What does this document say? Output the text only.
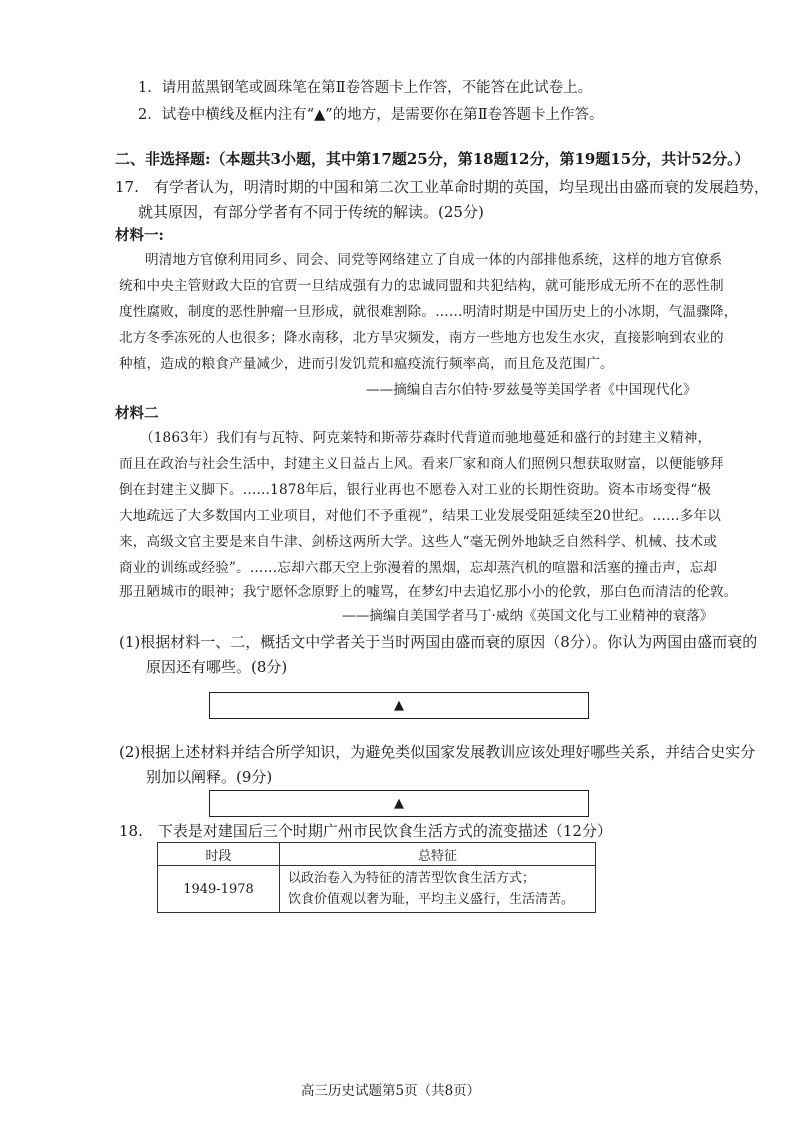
1．请用蓝黑钢笔或圆珠笔在第Ⅱ卷答题卡上作答，不能答在此试卷上。
2．试卷中横线及框内注有“▲”的地方，是需要你在第Ⅱ卷答题卡上作答。
二、非选择题:（本题共3小题，其中第17题25分，第18题12分，第19题15分，共计52分。）
17.　有学者认为，明清时期的中国和第二次工业革命时期的英国，均呈现出由盛而衰的发展趋势，
就其原因，有部分学者有不同于传统的解读。(25分)
材料一:
明清地方官僚利用同乡、同会、同党等网络建立了自成一体的内部排他系统，这样的地方官僚系
统和中央主管财政大臣的官贾一旦结成强有力的忠诚同盟和共犯结构，就可能形成无所不在的恶性制
度性腐败，制度的恶性肿瘤一旦形成，就很难割除。……明清时期是中国历史上的小冰期，气温骤降，
北方冬季冻死的人也很多；降水南移，北方旱灾频发，南方一些地方也发生水灾，直接影响到农业的
种植，造成的粮食产量减少，进而引发饥荒和瘟疫流行频率高，而且危及范围广。
——摘编自吉尔伯特·罗兹曼等美国学者《中国现代化》
材料二
（1863年）我们有与瓦特、阿克莱特和斯蒂芬森时代背道而驰地蔓延和盛行的封建主义精神，
而且在政治与社会生活中，封建主义日益占上风。看来厂家和商人们照例只想获取财富，以便能够拜
倒在封建主义脚下。……1878年后，银行业再也不愿卷入对工业的长期性资助。资本市场变得“极
大地疏远了大多数国内工业项目，对他们不予重视”，结果工业发展受阻延续至20世纪。……多年以
来，高级文官主要是来自牛津、剑桥这两所大学。这些人“毫无例外地缺乏自然科学、机械、技术或
商业的训练或经验”。……忘却六郡天空上弥漫着的黑烟，忘却蒸汽机的喧嚣和活塞的撞击声，忘却
那丑陋城市的眼神；我宁愿怀念原野上的嘘骂，在梦幻中去追忆那小小的伦敦，那白色而清洁的伦敦。
——摘编自美国学者马丁·威纳《英国文化与工业精神的衰落》
(1)根据材料一、二，概括文中学者关于当时两国由盛而衰的原因（8分）。你认为两国由盛而衰的
原因还有哪些。(8分)
▲
(2)根据上述材料并结合所学知识，为避免类似国家发展教训应该处理好哪些关系，并结合史实分
别加以阐释。(9分)
▲
18.　下表是对建国后三个时期广州市民饮食生活方式的流变描述（12分）
时段	总特征
1949-1978	以政治卷入为特征的清苦型饮食生活方式；
饮食价值观以奢为耻，平均主义盛行，生活清苦。
高三历史试题第5页（共8页）
